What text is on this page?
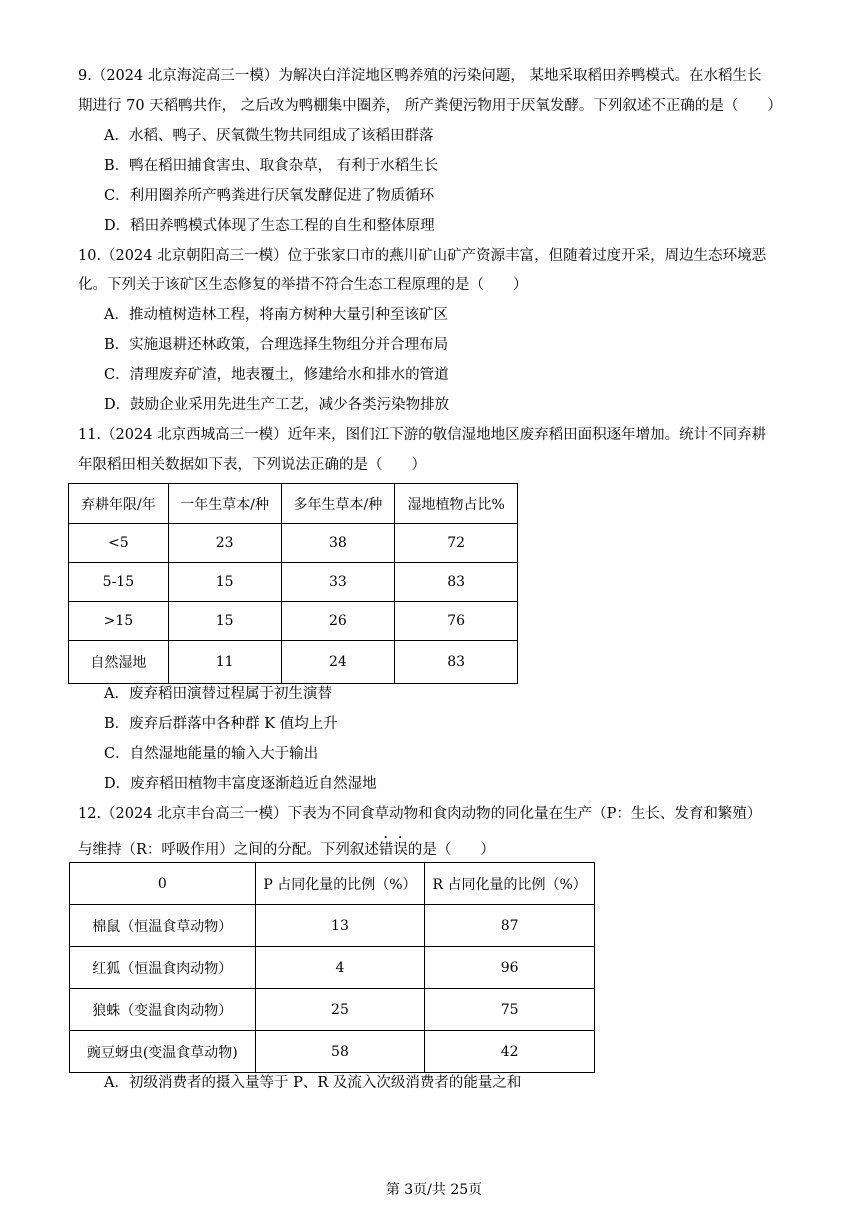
9.（2024 北京海淀高三一模）为解决白洋淀地区鸭养殖的污染问题， 某地采取稻田养鸭模式。在水稻生长
期进行 70 天稻鸭共作， 之后改为鸭棚集中圈养， 所产粪便污物用于厌氧发酵。下列叙述不正确的是（　　）
A．水稻、鸭子、厌氧微生物共同组成了该稻田群落
B．鸭在稻田捕食害虫、取食杂草， 有利于水稻生长
C．利用圈养所产鸭粪进行厌氧发酵促进了物质循环
D．稻田养鸭模式体现了生态工程的自生和整体原理
10.（2024 北京朝阳高三一模）位于张家口市的燕川矿山矿产资源丰富，但随着过度开采，周边生态环境恶
化。下列关于该矿区生态修复的举措不符合生态工程原理的是（　　）
A．推动植树造林工程，将南方树种大量引种至该矿区
B．实施退耕还林政策，合理选择生物组分并合理布局
C．清理废弃矿渣，地表覆土，修建给水和排水的管道
D．鼓励企业采用先进生产工艺，减少各类污染物排放
11.（2024 北京西城高三一模）近年来，图们江下游的敬信湿地地区废弃稻田面积逐年增加。统计不同弃耕
年限稻田相关数据如下表，下列说法正确的是（　　）
弃耕年限/年	一年生草本/种	多年生草本/种	湿地植物占比%
<5	23	38	72
5-15	15	33	83
>15	15	26	76
自然湿地	11	24	83
A．废弃稻田演替过程属于初生演替
B．废弃后群落中各种群 K 值均上升
C．自然湿地能量的输入大于输出
D．废弃稻田植物丰富度逐渐趋近自然湿地
12.（2024 北京丰台高三一模）下表为不同食草动物和食肉动物的同化量在生产（P：生长、发育和繁殖）
与维持（R：呼吸作用）之间的分配。下列叙述错误的是（　　）
0	P 占同化量的比例（%）	R 占同化量的比例（%）
棉鼠（恒温食草动物）	13	87
红狐（恒温食肉动物）	4	96
狼蛛（变温食肉动物）	25	75
豌豆蚜虫(变温食草动物)	58	42
A．初级消费者的摄入量等于 P、R 及流入次级消费者的能量之和
第 3页/共 25页
